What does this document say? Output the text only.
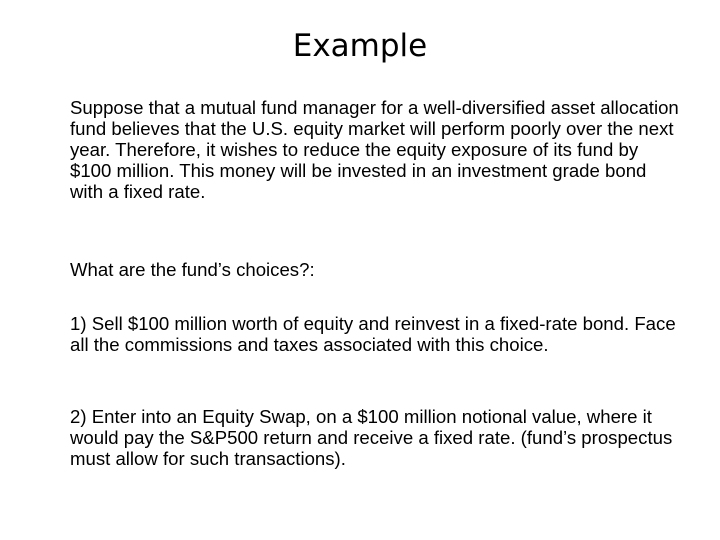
Example

Suppose that a mutual fund manager for a well-diversified asset allocation fund believes that the U.S. equity market will perform poorly over the next year. Therefore, it wishes to reduce the equity exposure of its fund by $100 million. This money will be invested in an investment grade bond with a fixed rate.

What are the fund’s choices?:

1) Sell $100 million worth of equity and reinvest in a fixed-rate bond. Face all the commissions and taxes associated with this choice.

2) Enter into an Equity Swap, on a $100 million notional value, where it would pay the S&P500 return and receive a fixed rate. (fund’s prospectus must allow for such transactions).
